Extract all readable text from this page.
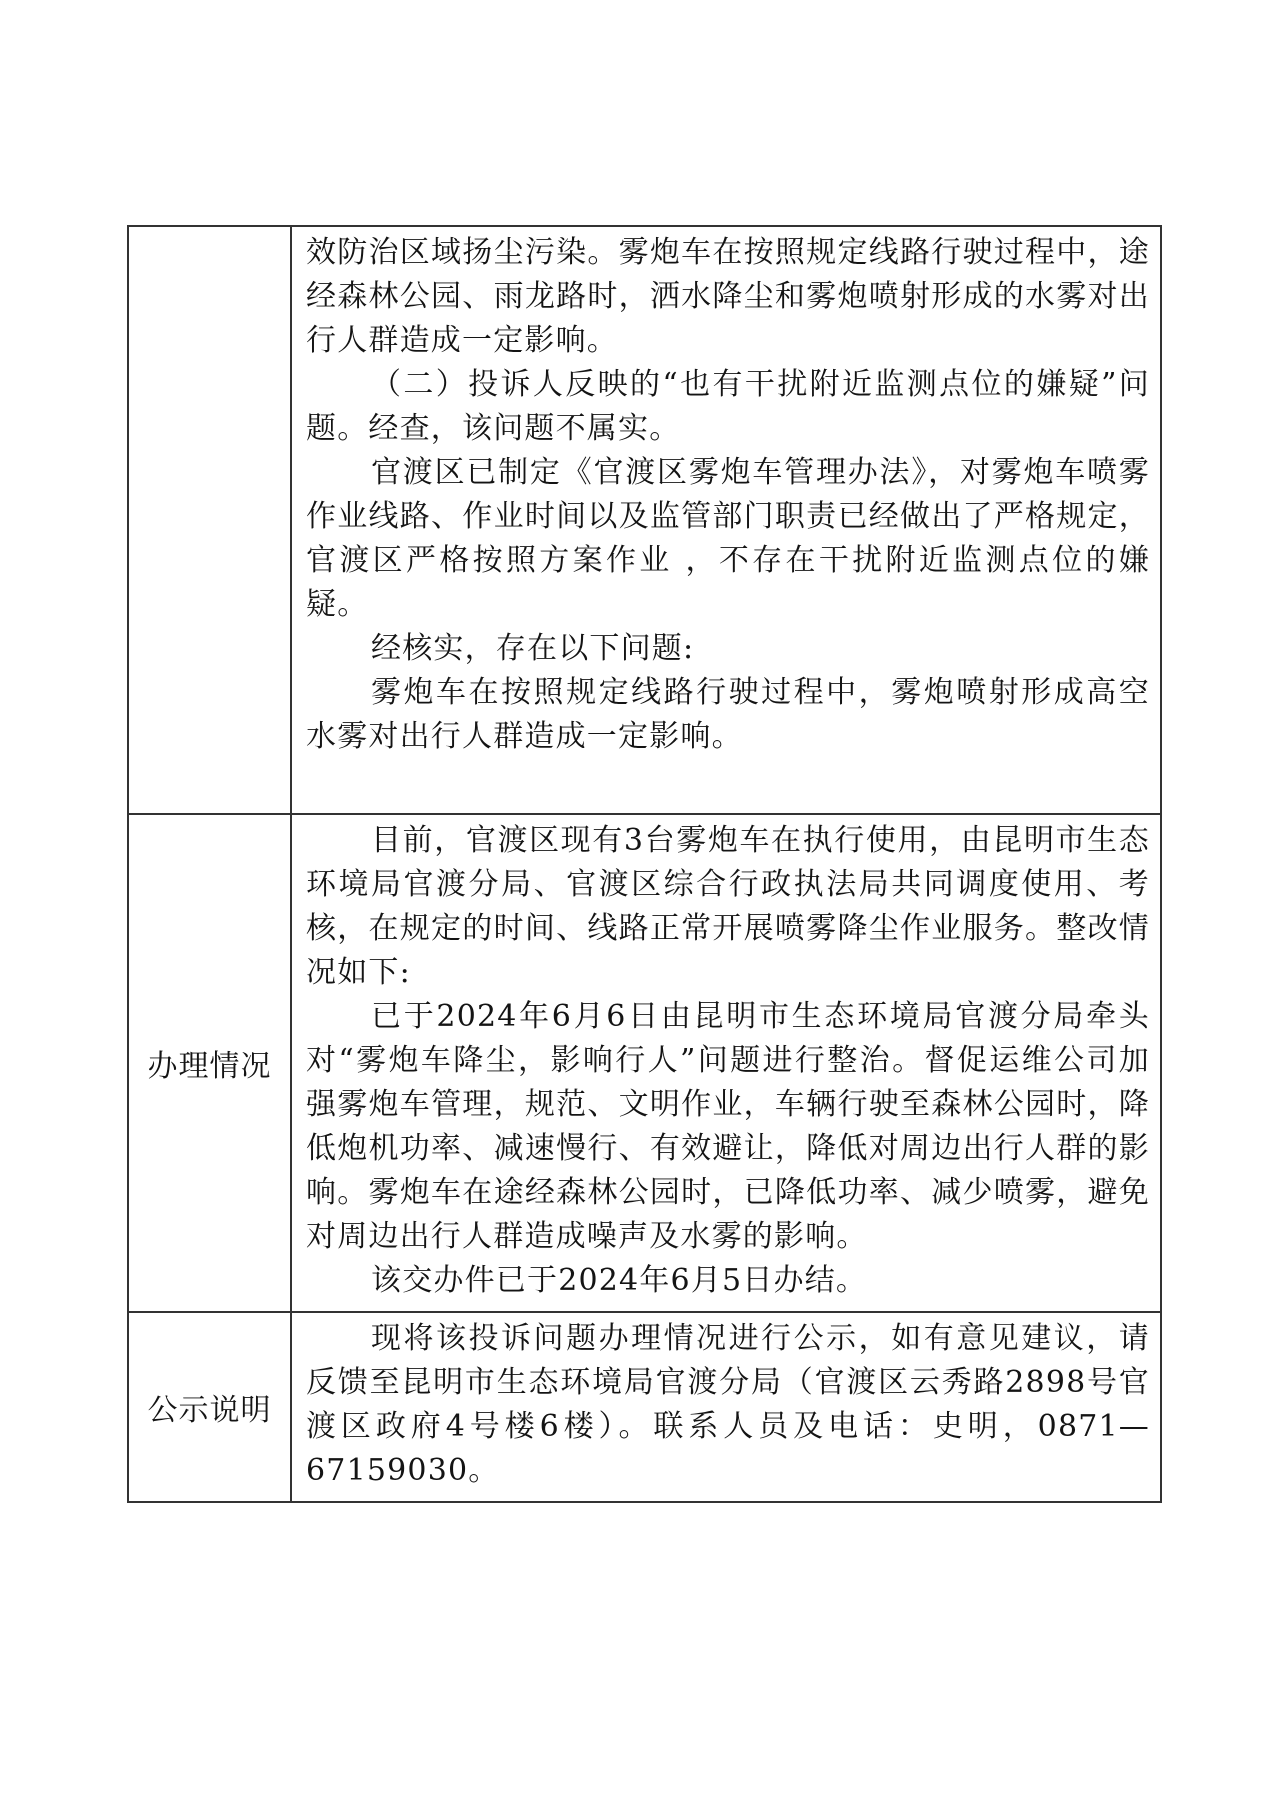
	效防治区域扬尘污染。雾炮车在按照规定线路行驶过程中，途经森林公园、雨龙路时，洒水降尘和雾炮喷射形成的水雾对出行人群造成一定影响。

（二）投诉人反映的“也有干扰附近监测点位的嫌疑”问题。经查，该问题不属实。

官渡区已制定《官渡区雾炮车管理办法》，对雾炮车喷雾作业线路、作业时间以及监管部门职责已经做出了严格规定，官渡区严格按照方案作业 ，不存在干扰附近监测点位的嫌疑。

经核实，存在以下问题:

雾炮车在按照规定线路行驶过程中，雾炮喷射形成高空水雾对出行人群造成一定影响。

办理情况	目前，官渡区现有3台雾炮车在执行使用，由昆明市生态环境局官渡分局、官渡区综合行政执法局共同调度使用、考核，在规定的时间、线路正常开展喷雾降尘作业服务。整改情况如下:

已于2024年6月6日由昆明市生态环境局官渡分局牵头对“雾炮车降尘，影响行人”问题进行整治。督促运维公司加强雾炮车管理，规范、文明作业，车辆行驶至森林公园时，降低炮机功率、减速慢行、有效避让，降低对周边出行人群的影响。雾炮车在途经森林公园时，已降低功率、减少喷雾，避免对周边出行人群造成噪声及水雾的影响。

该交办件已于2024年6月5日办结。

公示说明	现将该投诉问题办理情况进行公示，如有意见建议，请反馈至昆明市生态环境局官渡分局（官渡区云秀路2898号官渡区政府4号楼6楼）。联系人员及电话：史明，0871—67159030。
